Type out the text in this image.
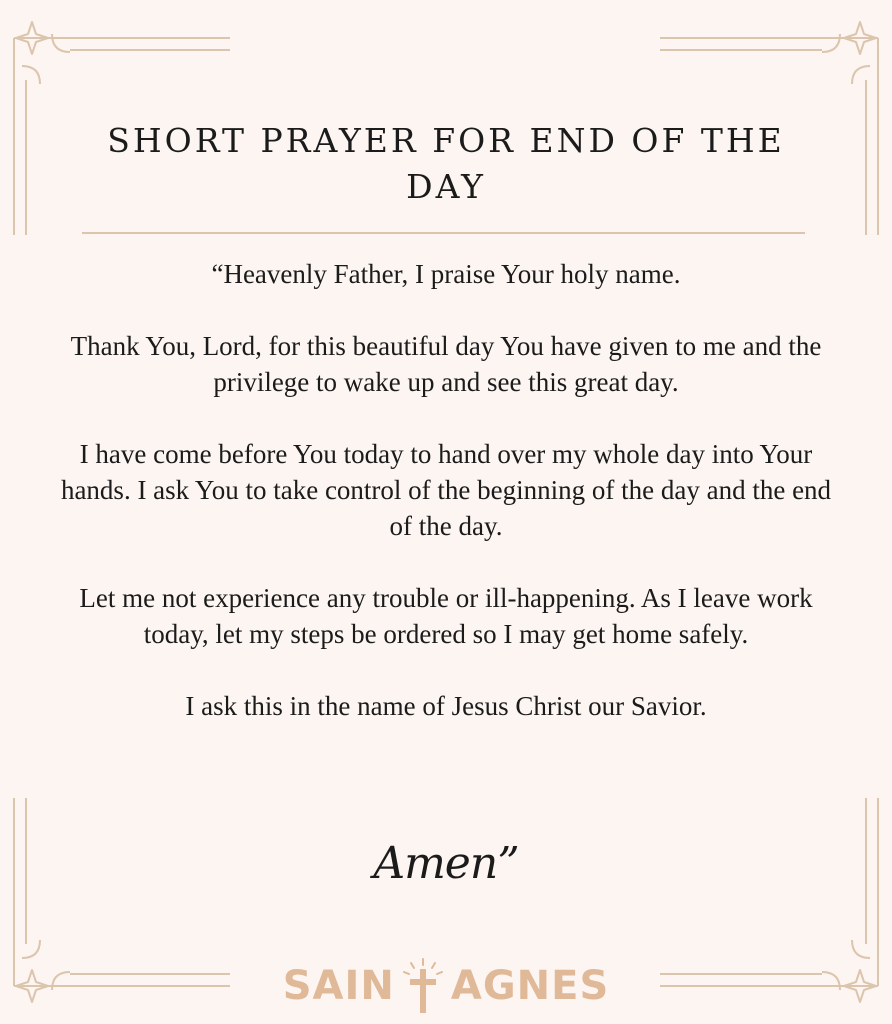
SHORT PRAYER FOR END OF THE DAY

“Heavenly Father, I praise Your holy name.

Thank You, Lord, for this beautiful day You have given to me and the privilege to wake up and see this great day.

I have come before You today to hand over my whole day into Your hands. I ask You to take control of the beginning of the day and the end of the day.

Let me not experience any trouble or ill-happening. As I leave work today, let my steps be ordered so I may get home safely.

I ask this in the name of Jesus Christ our Savior.

Amen”
SAIN AGNES
